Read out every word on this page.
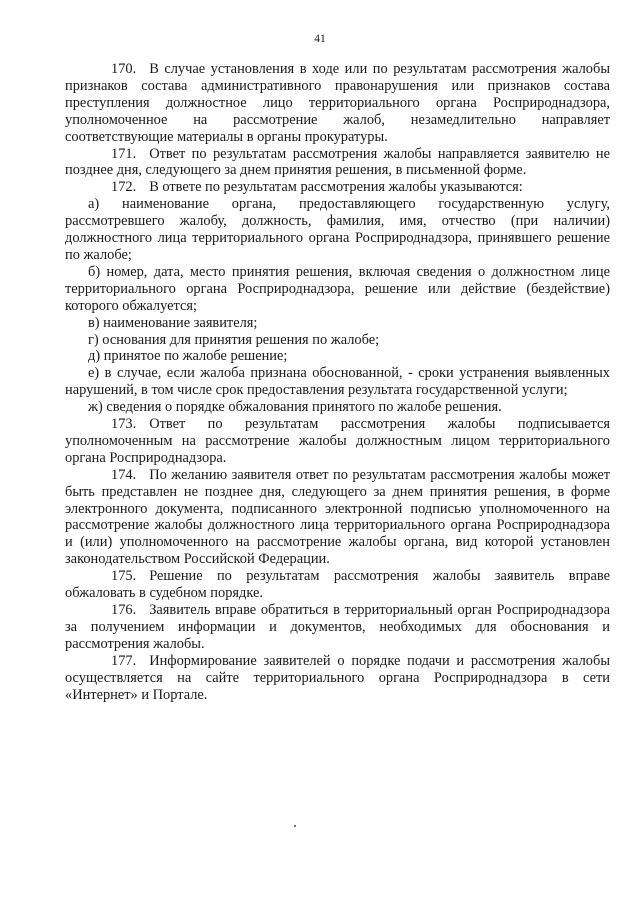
41

170. В случае установления в ходе или по результатам рассмотрения жалобы признаков состава административного правонарушения или признаков состава преступления должностное лицо территориального органа Росприроднадзора, уполномоченное на рассмотрение жалоб, незамедлительно направляет соответствующие материалы в органы прокуратуры.

171. Ответ по результатам рассмотрения жалобы направляется заявителю не позднее дня, следующего за днем принятия решения, в письменной форме.

172. В ответе по результатам рассмотрения жалобы указываются:

а) наименование органа, предоставляющего государственную услугу, рассмотревшего жалобу, должность, фамилия, имя, отчество (при наличии) должностного лица территориального органа Росприроднадзора, принявшего решение по жалобе;

б) номер, дата, место принятия решения, включая сведения о должностном лице территориального органа Росприроднадзора, решение или действие (бездействие) которого обжалуется;

в) наименование заявителя;

г) основания для принятия решения по жалобе;

д) принятое по жалобе решение;

е) в случае, если жалоба признана обоснованной, - сроки устранения выявленных нарушений, в том числе срок предоставления результата государственной услуги;

ж) сведения о порядке обжалования принятого по жалобе решения.

173. Ответ по результатам рассмотрения жалобы подписывается уполномоченным на рассмотрение жалобы должностным лицом территориального органа Росприроднадзора.

174. По желанию заявителя ответ по результатам рассмотрения жалобы может быть представлен не позднее дня, следующего за днем принятия решения, в форме электронного документа, подписанного электронной подписью уполномоченного на рассмотрение жалобы должностного лица территориального органа Росприроднадзора и (или) уполномоченного на рассмотрение жалобы органа, вид которой установлен законодательством Российской Федерации.

175. Решение по результатам рассмотрения жалобы заявитель вправе обжаловать в судебном порядке.

176. Заявитель вправе обратиться в территориальный орган Росприроднадзора за получением информации и документов, необходимых для обоснования и рассмотрения жалобы.

177. Информирование заявителей о порядке подачи и рассмотрения жалобы осуществляется на сайте территориального органа Росприроднадзора в сети «Интернет» и Портале.
